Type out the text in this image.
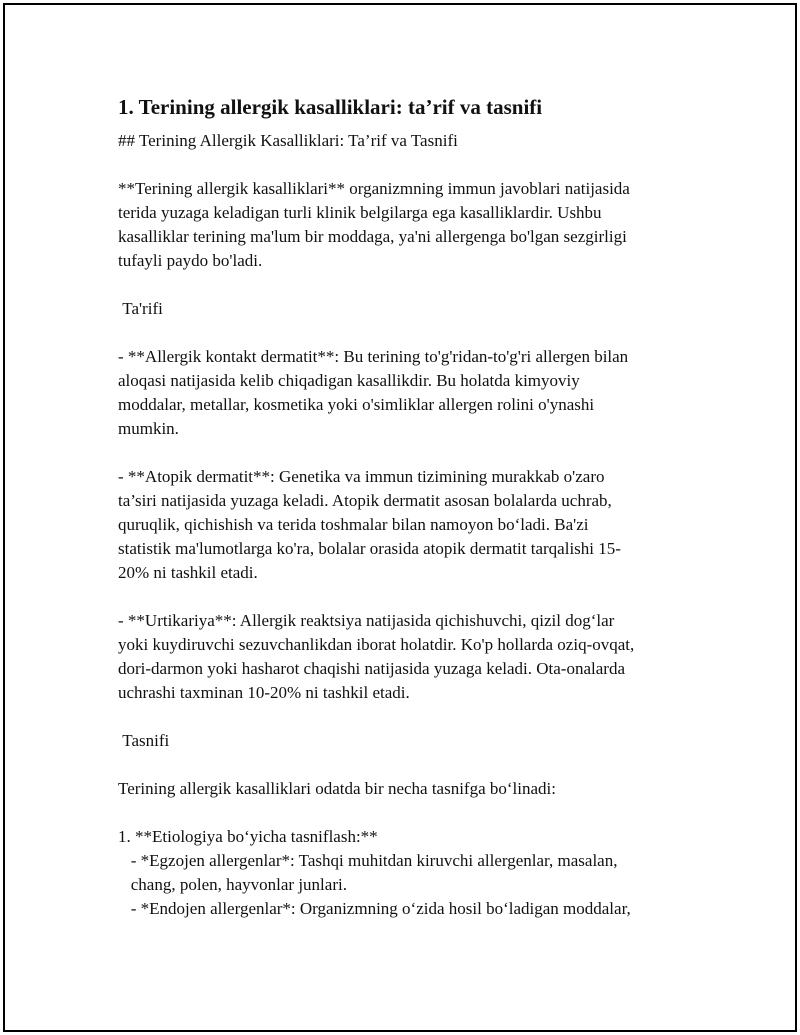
1. Terining allergik kasalliklari: ta’rif va tasnifi

## Terining Allergik Kasalliklari: Ta’rif va Tasnifi

**Terining allergik kasalliklari** organizmning immun javoblari natijasida
terida yuzaga keladigan turli klinik belgilarga ega kasalliklardir. Ushbu
kasalliklar terining ma'lum bir moddaga, ya'ni allergenga bo'lgan sezgirligi
tufayli paydo bo'ladi.

Ta'rifi

- **Allergik kontakt dermatit**: Bu terining to'g'ridan-to'g'ri allergen bilan
aloqasi natijasida kelib chiqadigan kasallikdir. Bu holatda kimyoviy
moddalar, metallar, kosmetika yoki o'simliklar allergen rolini o'ynashi
mumkin.

- **Atopik dermatit**: Genetika va immun tizimining murakkab o'zaro
ta’siri natijasida yuzaga keladi. Atopik dermatit asosan bolalarda uchrab,
quruqlik, qichishish va terida toshmalar bilan namoyon bo‘ladi. Ba'zi
statistik ma'lumotlarga ko'ra, bolalar orasida atopik dermatit tarqalishi 15-
20% ni tashkil etadi.

- **Urtikariya**: Allergik reaktsiya natijasida qichishuvchi, qizil dog‘lar
yoki kuydiruvchi sezuvchanlikdan iborat holatdir. Ko'p hollarda oziq-ovqat,
dori-darmon yoki hasharot chaqishi natijasida yuzaga keladi. Ota-onalarda
uchrashi taxminan 10-20% ni tashkil etadi.

Tasnifi

Terining allergik kasalliklari odatda bir necha tasnifga bo‘linadi:

1. **Etiologiya bo‘yicha tasniflash:**
- *Egzojen allergenlar*: Tashqi muhitdan kiruvchi allergenlar, masalan,
chang, polen, hayvonlar junlari.
- *Endojen allergenlar*: Organizmning o‘zida hosil bo‘ladigan moddalar,
